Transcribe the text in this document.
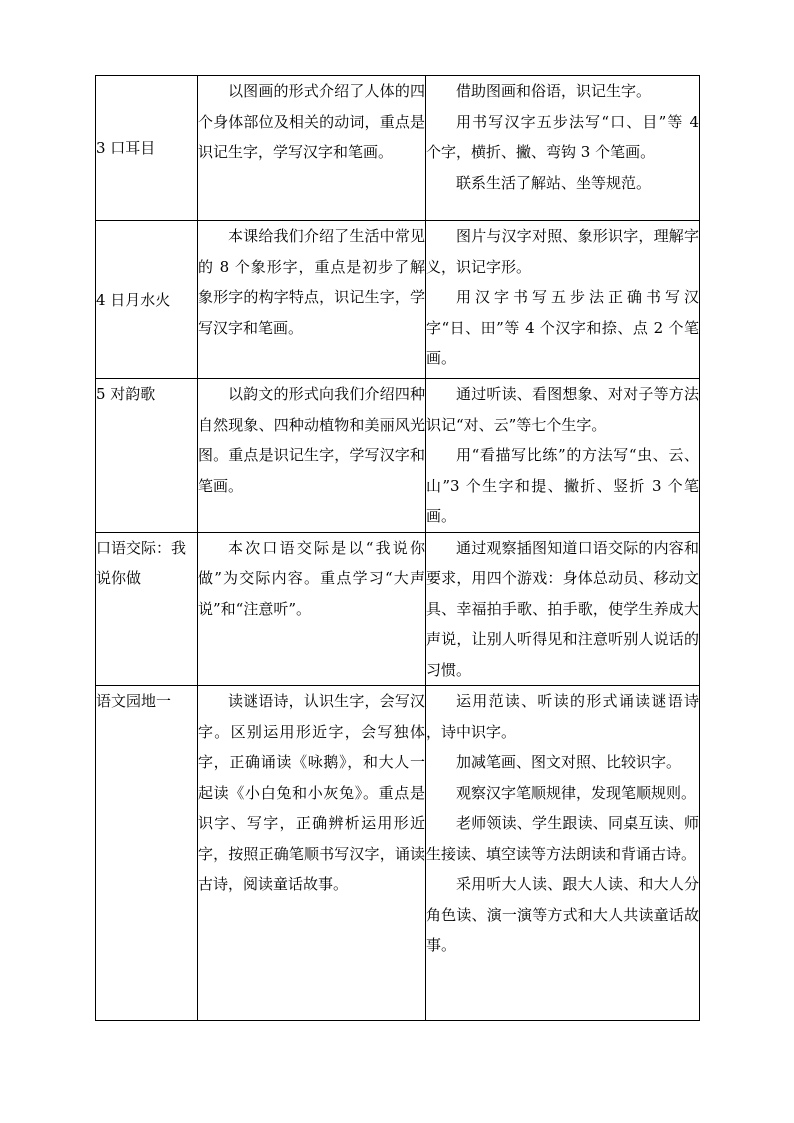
3 口耳目	以图画的形式介绍了人体的四个身体部位及相关的动词，重点是识记生字，学写汉字和笔画。	借助图画和俗语，识记生字。

用书写汉字五步法写“口、目”等 4 个字，横折、撇、弯钩 3 个笔画。

联系生活了解站、坐等规范。

4 日月水火	本课给我们介绍了生活中常见的 8 个象形字，重点是初步了解象形字的构字特点，识记生字，学写汉字和笔画。	图片与汉字对照、象形识字，理解字义，识记字形。

用汉字书写五步法正确书写汉字“日、田”等 4 个汉字和捺、点 2 个笔画。

5 对韵歌	以韵文的形式向我们介绍四种自然现象、四种动植物和美丽风光图。重点是识记生字，学写汉字和笔画。	通过听读、看图想象、对对子等方法识记“对、云”等七个生字。

用“看描写比练”的方法写“虫、云、山”3 个生字和提、撇折、竖折 3 个笔画。

口语交际：我说你做	本次口语交际是以“我说你做”为交际内容。重点学习“大声说”和“注意听”。	通过观察插图知道口语交际的内容和要求，用四个游戏：身体总动员、移动文具、幸福拍手歌、拍手歌，使学生养成大声说，让别人听得见和注意听别人说话的习惯。

语文园地一	读谜语诗，认识生字，会写汉字。区别运用形近字，会写独体字，正确诵读《咏鹅》，和大人一起读《小白兔和小灰兔》。重点是识字、写字，正确辨析运用形近字，按照正确笔顺书写汉字，诵读古诗，阅读童话故事。	运用范读、听读的形式诵读谜语诗 ，诗中识字。

加减笔画、图文对照、比较识字。

观察汉字笔顺规律，发现笔顺规则。

老师领读、学生跟读、同桌互读、师生接读、填空读等方法朗读和背诵古诗。

采用听大人读、跟大人读、和大人分角色读、演一演等方式和大人共读童话故事。
